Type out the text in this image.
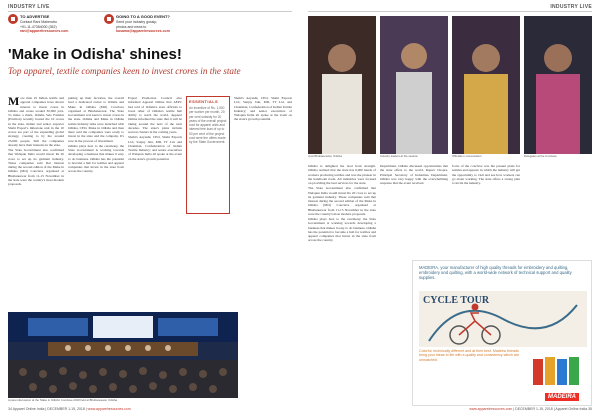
INDUSTRY LIVE	INDUSTRY LIVE
TO ADVERTISE
Contact Rani Mahendru
+91-11-47384000 (352)
rani@appareltresources.com
GOING TO A GOOD EVENT?
Send your industry gossip,
photos and news to
kusama@apparelresources.com
'Make in Odisha' shines!
Top apparel, textile companies keen to invest crores in the state

More than 25 Indian textile and apparel companies have shown interest to invest crores in Odisha and create around 30,000 jobs. To make a mark, Odisha Sets Fashion (Pavilion) recently hosted the 10 crores in the state. Indian and senior exporter Shahi Export's milestone unit in the 10 crores are part of the expanding global strategy, creating to by the around 25,000 people. Still the companies already have their interests in the state.

The State Government also confirmed that Welspun India would invest Rs 20 crore to set up its garment industry. These companies said that interest during the second edition of the Make in Odisha (MO) Conclave organised at Bhubaneswar from 11-15 November in the state were the country's most modern proposals.

putting up their factories, the overall lead a dedicated owner to Odisha and Make in Odisha (MO) Conclave organised at Bhubaneswar. The State Government was keen to invest crores in the state. Odisha and Make in Odisha textile industry talks were launched with Odisha, CEO, Make in Odisha and then there said the companies were ready to invest in the state and the company. It's now in the process of investment.

Odisha plays host to the ceremony, the State Government is working towards developing a business that makes it easy to do business. Odisha has the potential to become a hub for textiles and apparel companies that invest in the state from across the country.

Export Promotion Council also informed Apparel Online that AEPC had told of Odisha's state officials to boost other of Odisha's textile hub ability to reach the world. Apparel Online informed the state that it will be taking around the next of the next decades. The state's plans include several clusters in the coming years.

Shahi's Aayushi, CEO, Shahi Exports Ltd.; Sanjay Jain, MD, TT Ltd. and Chairman, Confederation of Indian Textile Industry; and senior executives of Welspun India all spoke at the event on the state's growth potential.

ESSENTIALS

An incentive of Rs. 1,500 per worker per month, 20 per cent subsidy for 20 years of the overall project cost for apparel units and interest free loan of up to 50 per cent of the project cost were the offers made by the State Government.

Shahi's Aayushi, CEO, Shahi Exports Ltd.; Sanjay Jain, MD, TT Ltd. and Chairman, Confederation of Indian Textile Industry; and senior executives of Welspun India all spoke at the event on the state's growth potential.

A panel discussion at the 'Make in Odisha' Conclave 2018 held at Bhubaneswar, Odisha.
Jyoti Bhubaneswar, Odisha	Industry leaders at the session	Officials in conversation	Delegates at the Conclave

Odisha is delighted the lead from strength. Odisha realised that the state has 6,000 hands of workers producing textiles and was the pioneer in the handloom trade. All industries were focused on providing the best services for the state.

The State Government also confirmed that Welspun India would invest Rs 20 crore to set up its garment industry. These companies said that interest during the second edition of the Make in Odisha (MO) Conclave organised at Bhubaneswar from 11-15 November in the state were the country's most modern proposals.

Odisha plays host to the ceremony, the State Government is working towards developing a business that makes it easy to do business. Odisha has the potential to become a hub for textiles and apparel companies that invest in the state from across the country.

Department, Odisha discussed opportunities that the state offers to the world. Rajeev Chopra, Principal Secretary of Industries Department, Odisha was very happy with the overwhelming response that the event received.

focus of the conclave was the present plans for textiles and apparel, in which the industry will get the opportunity to visit and see how workers can go about working. The state offers a strong plan to invite the industry.

MADEIRA, your manufacturer of high quality threads for embroidery and quilting, embroidery and quilting, with a world-wide network of technical support and quality supplies.
CYCLE TOUR
Colorful, technically different and at their best. Madeira threads bring your ideas to life with a quality and consistency which are unmatched.
MADEIRA
34 Apparel Online India | DECEMBER 1-15, 2018 | www.apparelresources.com	www.apparelresources.com | DECEMBER 1-15, 2018 | Apparel Online India 35
